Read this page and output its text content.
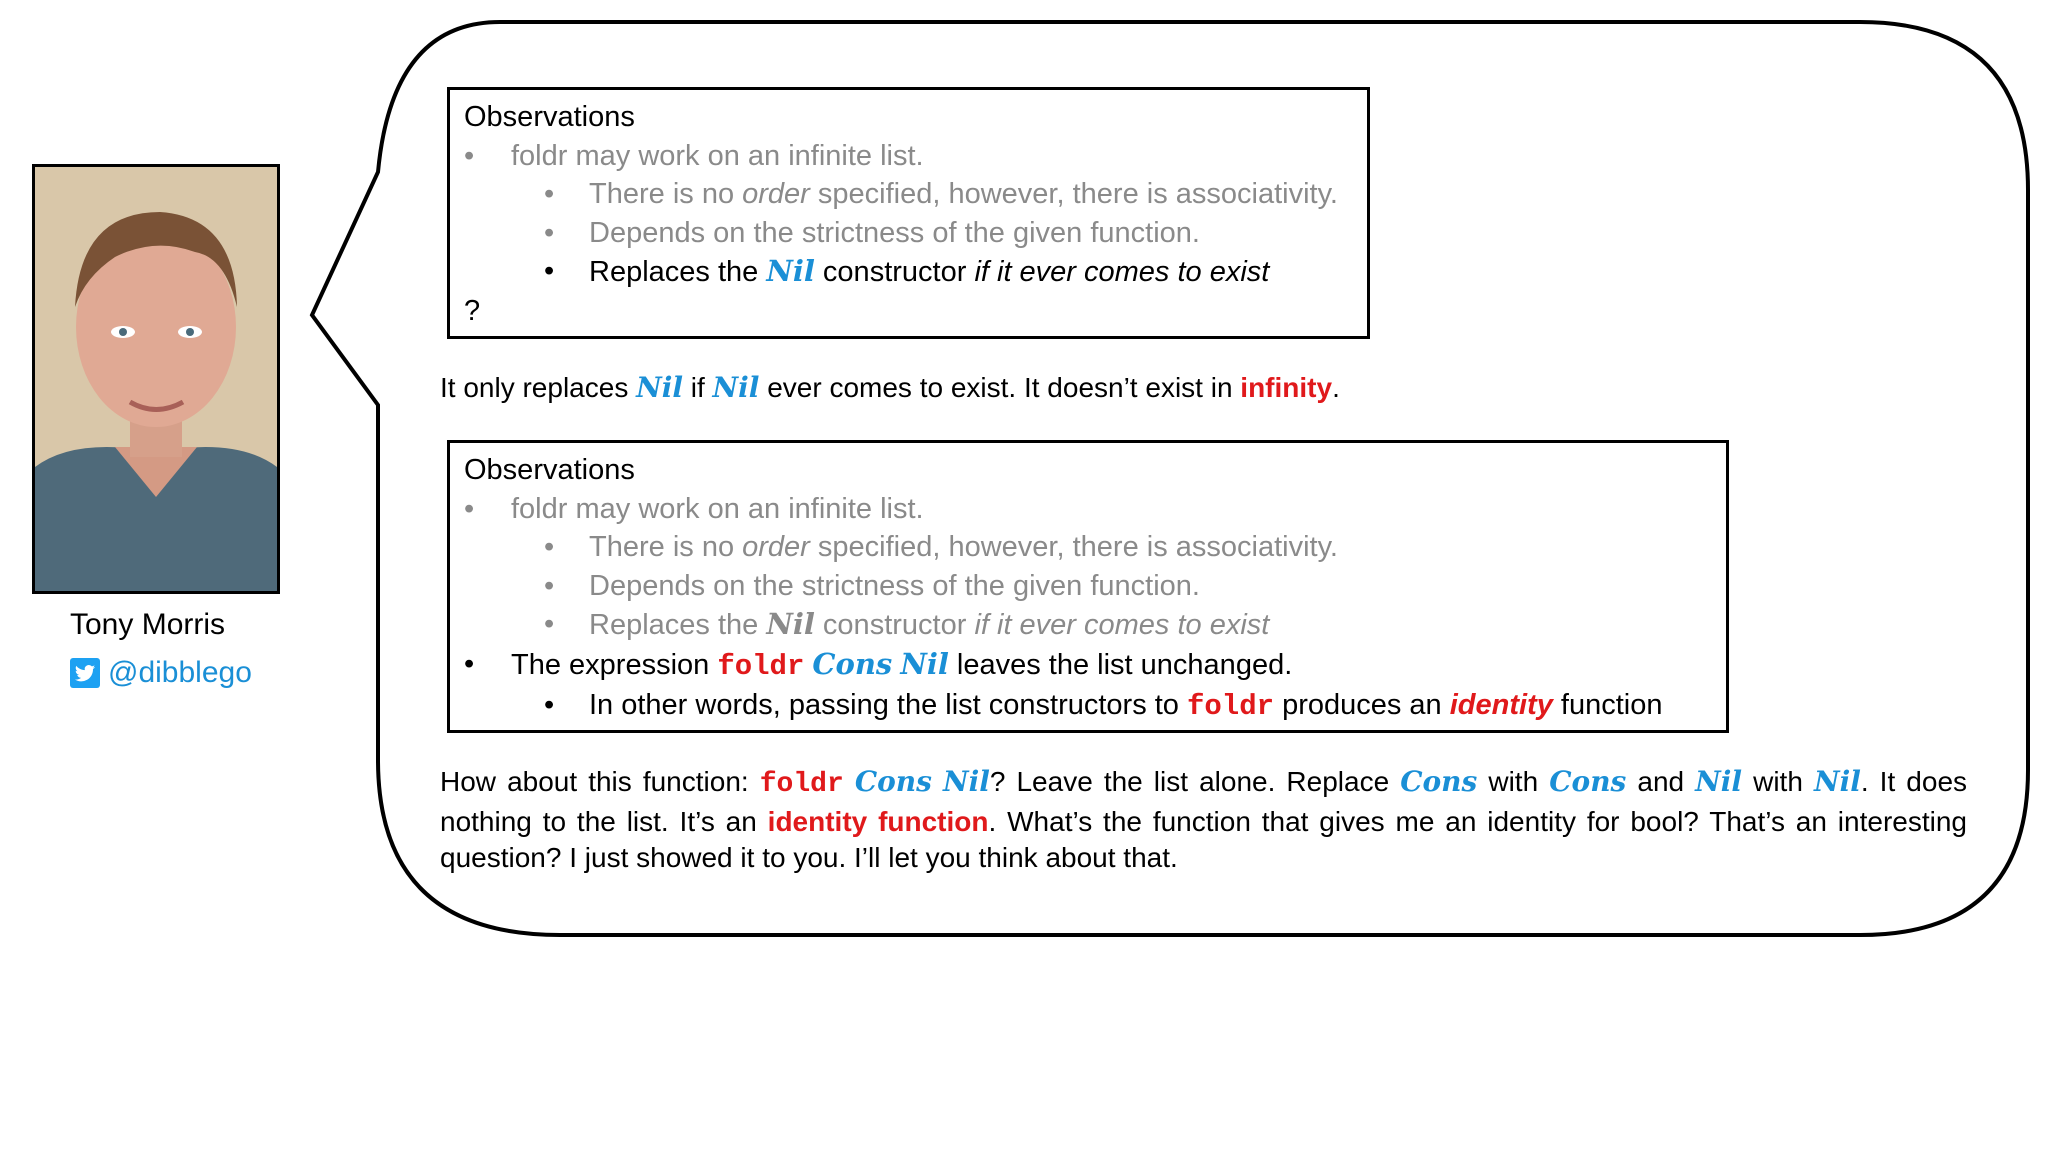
Tony Morris
@dibblego
Observations
• foldr may work on an infinite list.
• There is no order specified, however, there is associativity.
• Depends on the strictness of the given function.
• Replaces the Nil constructor if it ever comes to exist
?
It only replaces Nil if Nil ever comes to exist. It doesn’t exist in infinity.
Observations
• foldr may work on an infinite list.
• There is no order specified, however, there is associativity.
• Depends on the strictness of the given function.
• Replaces the Nil constructor if it ever comes to exist
• The expression foldr Cons Nil leaves the list unchanged.
• In other words, passing the list constructors to foldr produces an identity function
How about this function: foldr Cons Nil? Leave the list alone. Replace Cons with Cons and Nil with Nil. It does nothing to the list. It’s an identity function. What’s the function that gives me an identity for bool? That’s an interesting question? I just showed it to you. I’ll let you think about that.
